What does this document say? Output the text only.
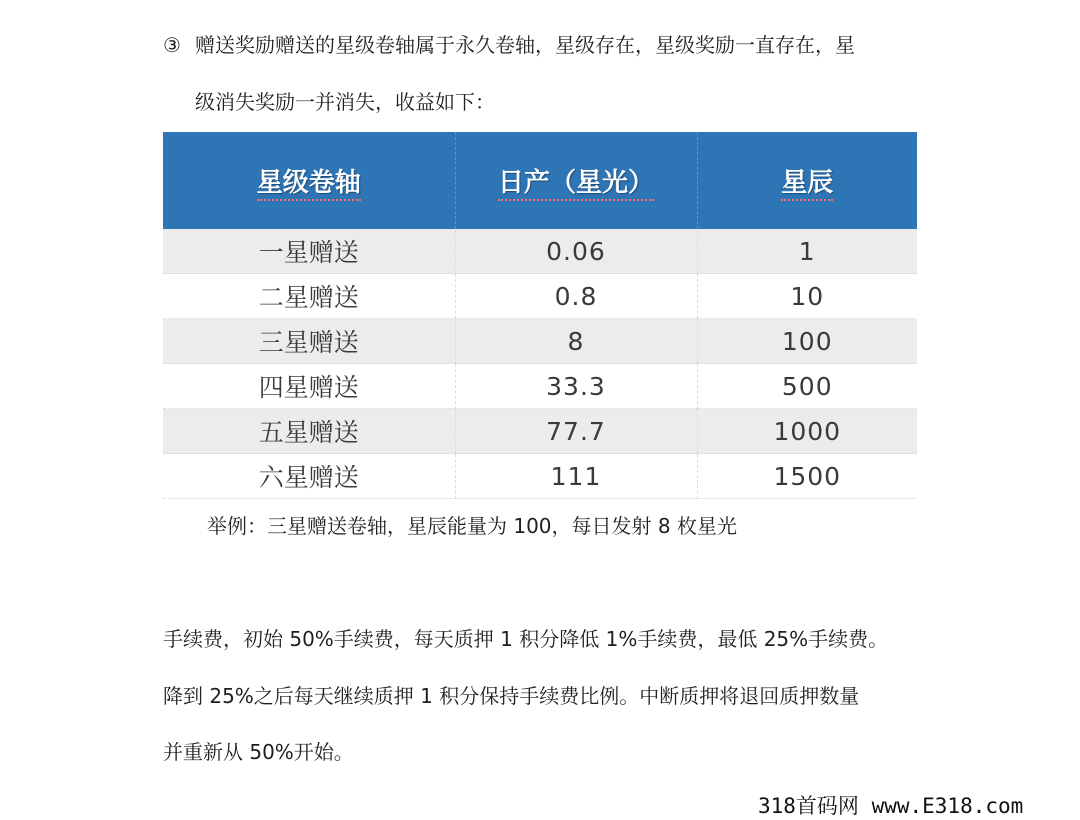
③ 赠送奖励赠送的星级卷轴属于永久卷轴，星级存在，星级奖励一直存在，星
级消失奖励一并消失，收益如下：
星级卷轴	日产（星光）	星辰
一星赠送	0.06	1
二星赠送	0.8	10
三星赠送	8	100
四星赠送	33.3	500
五星赠送	77.7	1000
六星赠送	111	1500
举例：三星赠送卷轴，星辰能量为 100，每日发射 8 枚星光
手续费，初始 50%手续费，每天质押 1 积分降低 1%手续费，最低 25%手续费。
降到 25%之后每天继续质押 1 积分保持手续费比例。中断质押将退回质押数量
并重新从 50%开始。
318首码网 www.E318.com
